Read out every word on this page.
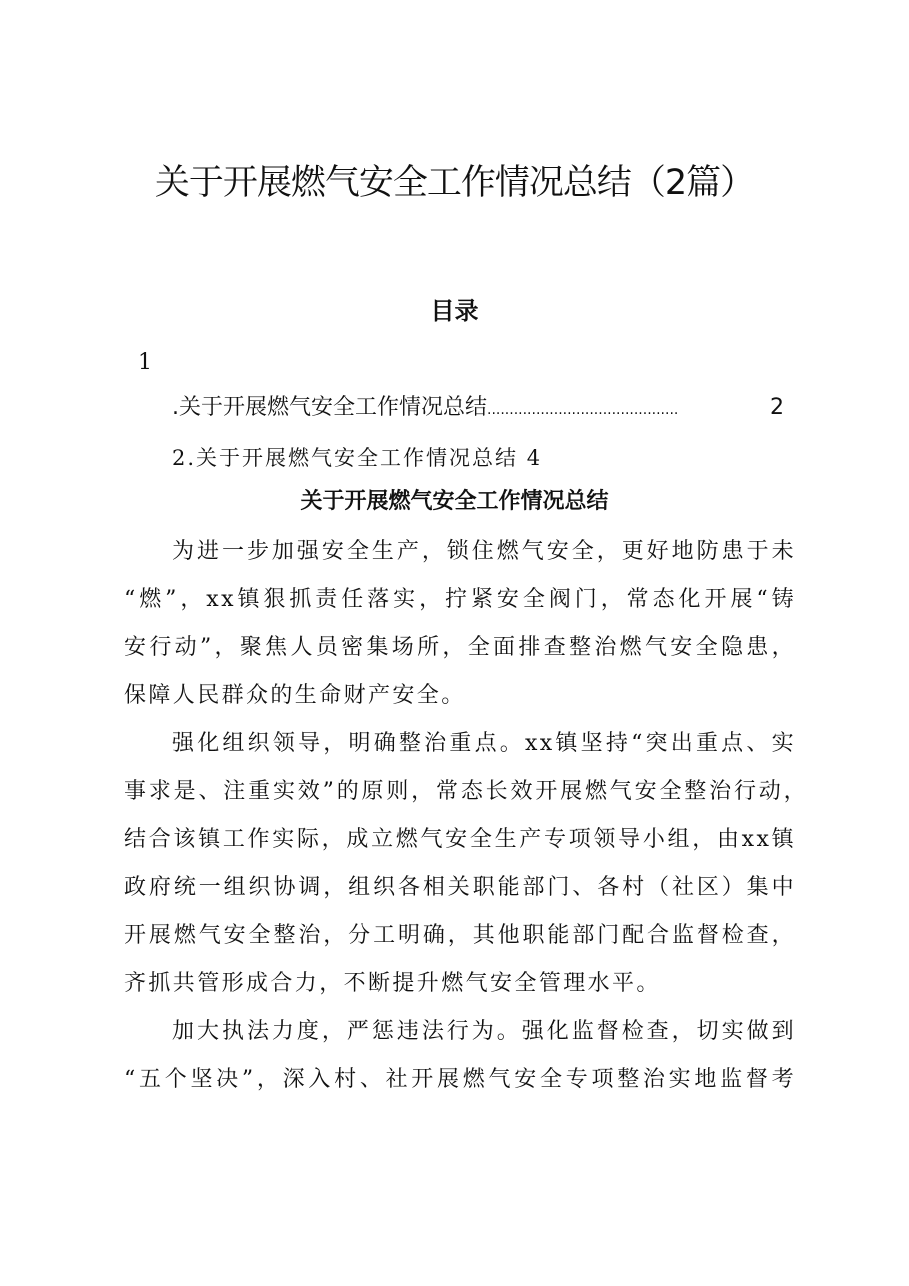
关于开展燃气安全工作情况总结（2篇）
目录
1
.关于开展燃气安全工作情况总结 ...........................................	2
2.关于开展燃气安全工作情况总结 4
关于开展燃气安全工作情况总结
为进一步加强安全生产，锁住燃气安全，更好地防患于未
“燃”，xx镇狠抓责任落实，拧紧安全阀门，常态化开展“铸
安行动”，聚焦人员密集场所，全面排查整治燃气安全隐患，
保障人民群众的生命财产安全。
强化组织领导，明确整治重点。xx镇坚持“突出重点、实
事求是、注重实效”的原则，常态长效开展燃气安全整治行动，
结合该镇工作实际，成立燃气安全生产专项领导小组，由xx镇
政府统一组织协调，组织各相关职能部门、各村（社区）集中
开展燃气安全整治，分工明确，其他职能部门配合监督检查，
齐抓共管形成合力，不断提升燃气安全管理水平。
加大执法力度，严惩违法行为。强化监督检查，切实做到
“五个坚决”，深入村、社开展燃气安全专项整治实地监督考
